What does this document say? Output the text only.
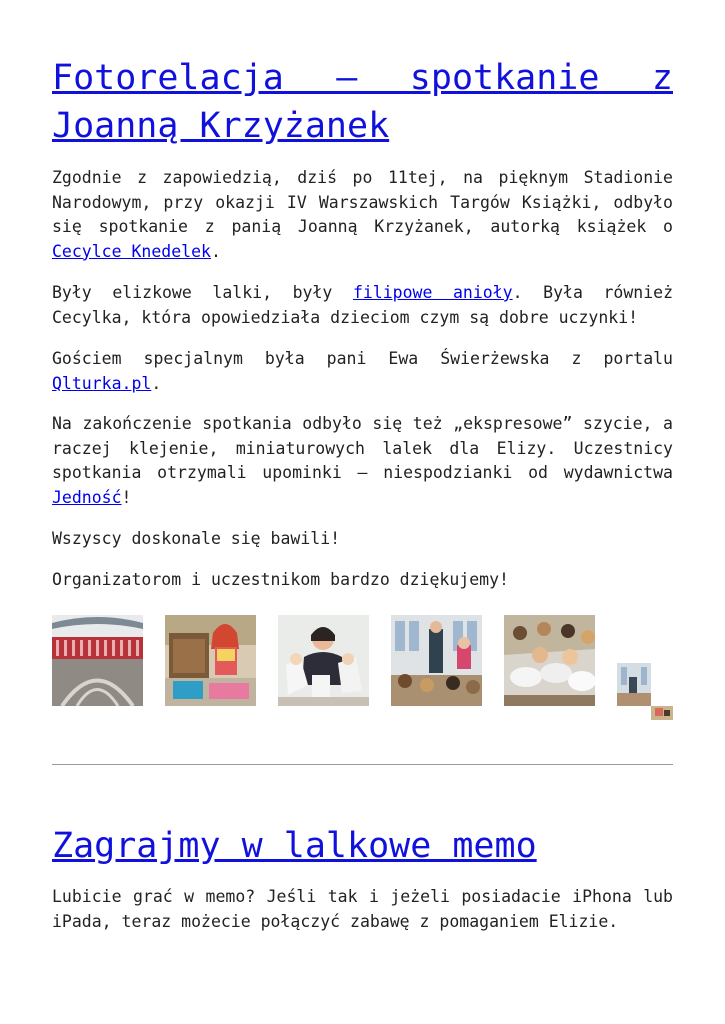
Fotorelacja – spotkanie z Joanną Krzyżanek

Zgodnie z zapowiedzią, dziś po 11tej, na pięknym Stadionie Narodowym, przy okazji IV Warszawskich Targów Książki, odbyło się spotkanie z panią Joanną Krzyżanek, autorką książek o Cecylce Knedelek.

Były elizkowe lalki, były filipowe anioły. Była również Cecylka, która opowiedziała dzieciom czym są dobre uczynki!

Gościem specjalnym była pani Ewa Świerżewska z portalu Qlturka.pl.

Na zakończenie spotkania odbyło się też „ekspresowe” szycie, a raczej klejenie, miniaturowych lalek dla Elizy. Uczestnicy spotkania otrzymali upominki – niespodzianki od wydawnictwa Jedność!

Wszyscy doskonale się bawili!

Organizatorom i uczestnikom bardzo dziękujemy!

Zagrajmy w lalkowe memo

Lubicie grać w memo? Jeśli tak i jeżeli posiadacie iPhona lub iPada, teraz możecie połączyć zabawę z pomaganiem Elizie.
